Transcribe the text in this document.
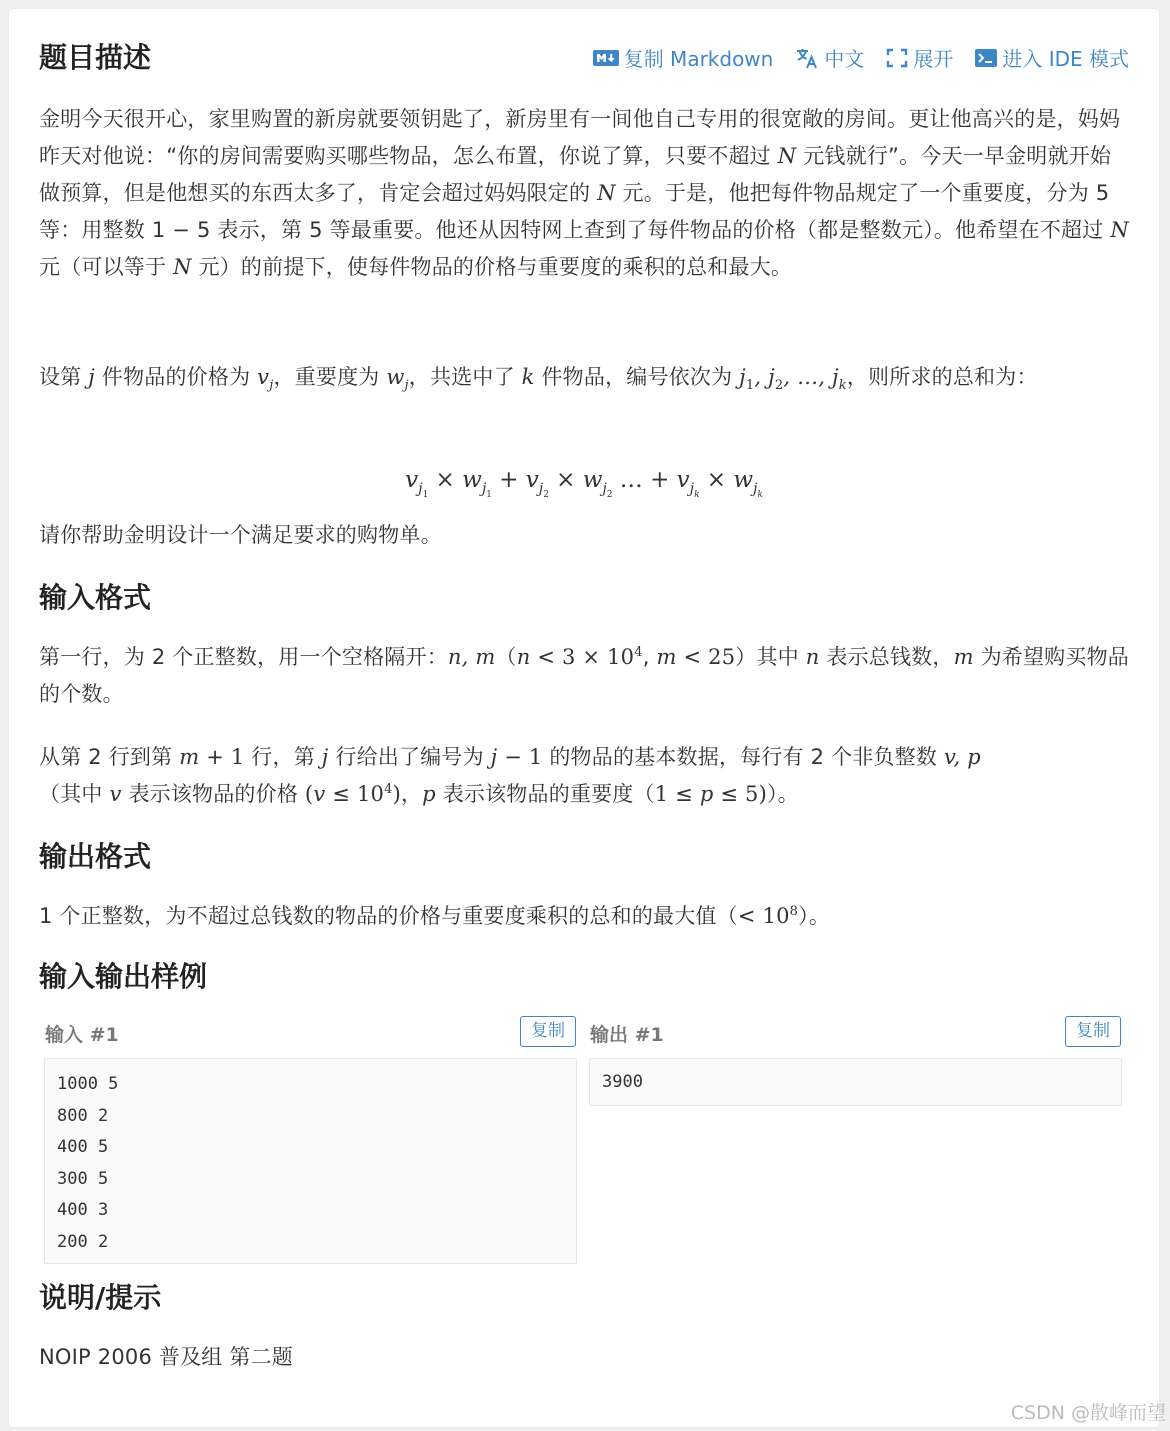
复制 Markdown	中文 展开 进入 IDE 模式
题目描述

金明今天很开心，家里购置的新房就要领钥匙了，新房里有一间他自己专用的很宽敞的房间。更让他高兴的是，妈妈昨天对他说：“你的房间需要购买哪些物品，怎么布置，你说了算，只要不超过 N 元钱就行”。今天一早金明就开始做预算，但是他想买的东西太多了，肯定会超过妈妈限定的 N 元。于是，他把每件物品规定了一个重要度，分为 5 等：用整数 1 − 5 表示，第 5 等最重要。他还从因特网上查到了每件物品的价格（都是整数元）。他希望在不超过 N 元（可以等于 N 元）的前提下，使每件物品的价格与重要度的乘积的总和最大。

设第 j 件物品的价格为 $v_j$，重要度为 $w_j$，共选中了 k 件物品，编号依次为 $j_1$, $j_2$, …, $j_k$，则所求的总和为：

$v_{j_1} \times w_{j_1} + v_{j_2} \times w_{j_2}$ … + $v_{j_k} \times w_{j_k}$

请你帮助金明设计一个满足要求的购物单。

输入格式

第一行，为 2 个正整数，用一个空格隔开：n, $m(n < 3 \times 10^4$, m < 25）其中 n 表示总钱数，m 为希望购买物品的个数。

从第 2 行到第 m + 1 行，第 j 行给出了编号为 j − 1 的物品的基本数据，每行有 2 个非负整数 v, p
（其中 v 表示该物品的价格 $(v \le 10^4)$，p 表示该物品的重要度（1 ≤ p ≤ 5)）。

输出格式

1 个正整数，为不超过总钱数的物品的价格与重要度乘积的总和的最大值（< $10^8$）。

输入输出样例
输入 #1	复制
1000 5
800 2
400 5
300 5
400 3
200 2
输出 #1	复制
3900
说明/提示

NOIP 2006 普及组 第二题

CSDN @散峰而望
